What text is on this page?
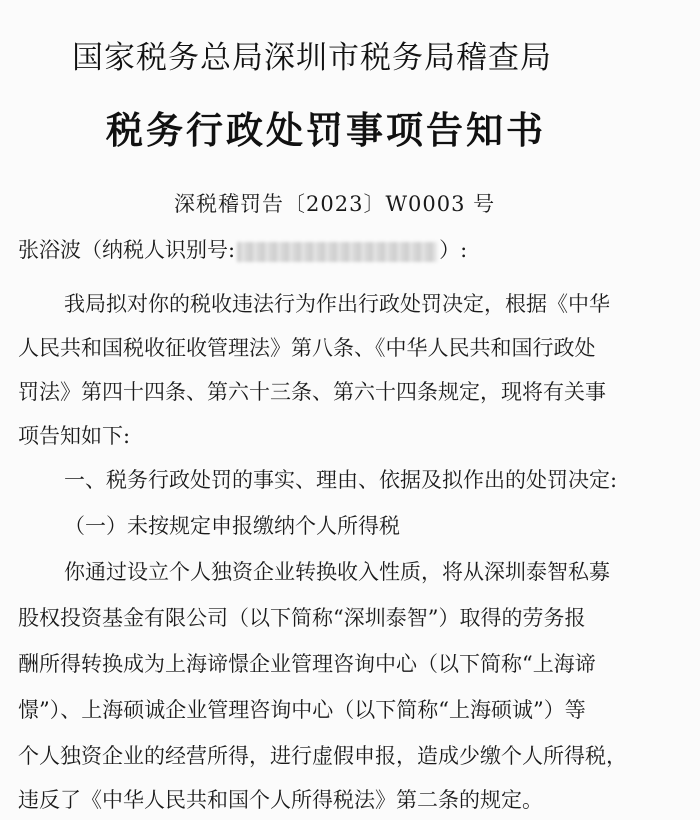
国家税务总局深圳市税务局稽查局
税务行政处罚事项告知书
深税稽罚告〔2023〕W0003 号
张浴波（纳税人识别号:	）:
我局拟对你的税收违法行为作出行政处罚决定，根据《中华
人民共和国税收征收管理法》第八条、《中华人民共和国行政处
罚法》第四十四条、第六十三条、第六十四条规定，现将有关事
项告知如下:
一、税务行政处罚的事实、理由、依据及拟作出的处罚决定:
（一）未按规定申报缴纳个人所得税
你通过设立个人独资企业转换收入性质，将从深圳泰智私募
股权投资基金有限公司（以下简称“深圳泰智”）取得的劳务报
酬所得转换成为上海谛憬企业管理咨询中心（以下简称“上海谛
憬”）、上海硕诚企业管理咨询中心（以下简称“上海硕诚”）等
个人独资企业的经营所得，进行虚假申报，造成少缴个人所得税，
违反了《中华人民共和国个人所得税法》第二条的规定。
